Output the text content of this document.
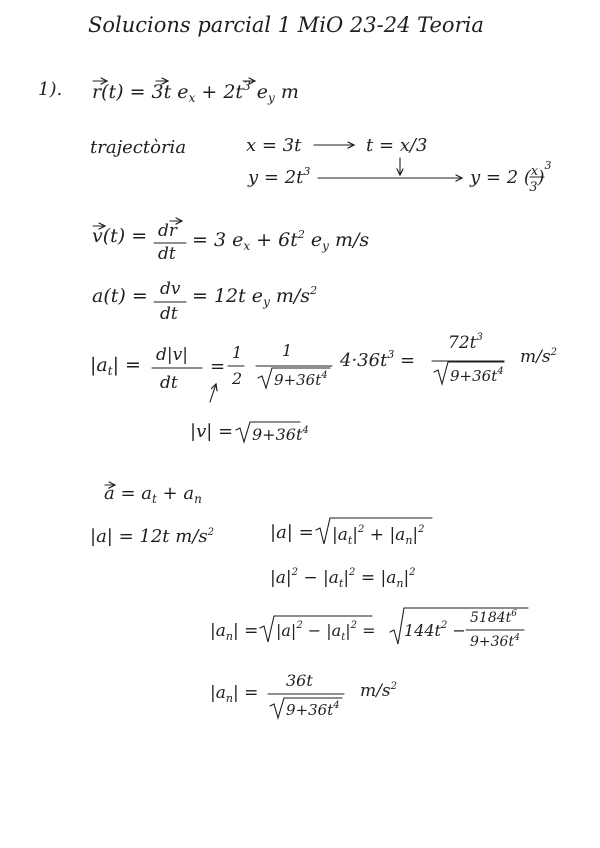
Solucions parcial 1 MiO 23-24 Teoria
1). r(t) = 3t $e_x + 2t^3$ $e_y$ m
trajectòria	x = 3t	t = x/3
$y = 2t^3$	y = 2 ($^x$ 3)$^3$
v(t) = dr
dt
= 3 $e_x + 6t^2$ $e_y$ m/s
a(t) = dv
dt
= 12t $e_y$ $m/s^2$
$|a_t| = d|v|$
dt
=
1
2
1
$9+36t^4$
$4\cdot 36t^3$ =
$72t^3$
$9+36t^4$
$m/s^2$
$|v| = 9+36t^4$
$a = a_t + a_n$
|a| = 12t $m/s^2$	$|a| = |a_t|^2 + |a_n|^2$
$|a|^2 - |a_t|^2 = |a_n|^2$
$|a_n| = |a|^2 - |a_t|^2 = 144t^2$ −
$5184t^6$
$9+36t^4$
$|a_n|$ =
36t
$9+36t^4$
$m/s^2$
